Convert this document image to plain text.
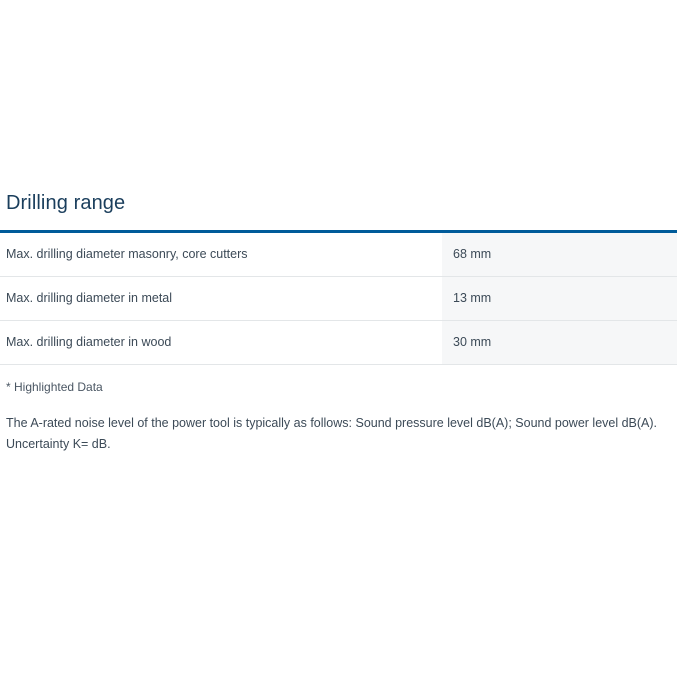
Drilling range
Max. drilling diameter masonry, core cutters	68 mm
Max. drilling diameter in metal	13 mm
Max. drilling diameter in wood	30 mm

* Highlighted Data

The A-rated noise level of the power tool is typically as follows: Sound pressure level dB(A); Sound power level dB(A). Uncertainty K= dB.
